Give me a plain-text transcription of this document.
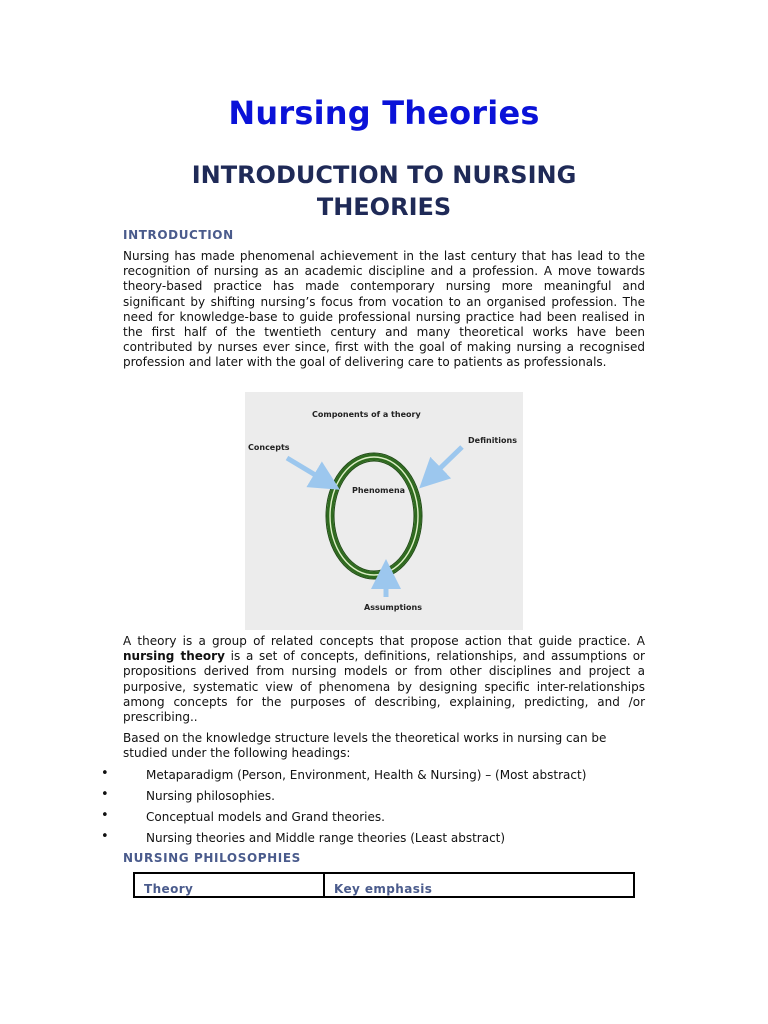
Nursing Theories
INTRODUCTION TO NURSING THEORIES
INTRODUCTION
Nursing has made phenomenal achievement in the last century that has lead to the recognition of nursing as an academic discipline and a profession. A move towards theory-based practice has made contemporary nursing more meaningful and significant by shifting nursing’s focus from vocation to an organised profession. The need for knowledge-base to guide professional nursing practice had been realised in the first half of the twentieth century and many theoretical works have been contributed by nurses ever since, first with the goal of making nursing a recognised profession and later with the goal of delivering care to patients as professionals.
Components of a theory
Concepts
Definitions
Phenomena
Assumptions
A theory is a group of related concepts that propose action that guide practice. A nursing theory is a set of concepts, definitions, relationships, and assumptions or propositions derived from nursing models or from other disciplines and project a purposive, systematic view of phenomena by designing specific inter-relationships among concepts for the purposes of describing, explaining, predicting, and /or prescribing..
Based on the knowledge structure levels the theoretical works in nursing can be studied under the following headings:
•	Metaparadigm (Person, Environment, Health & Nursing) – (Most abstract)
•	Nursing philosophies.
•	Conceptual models and Grand theories.
•	Nursing theories and Middle range theories (Least abstract)
NURSING PHILOSOPHIES
Theory	Key emphasis
